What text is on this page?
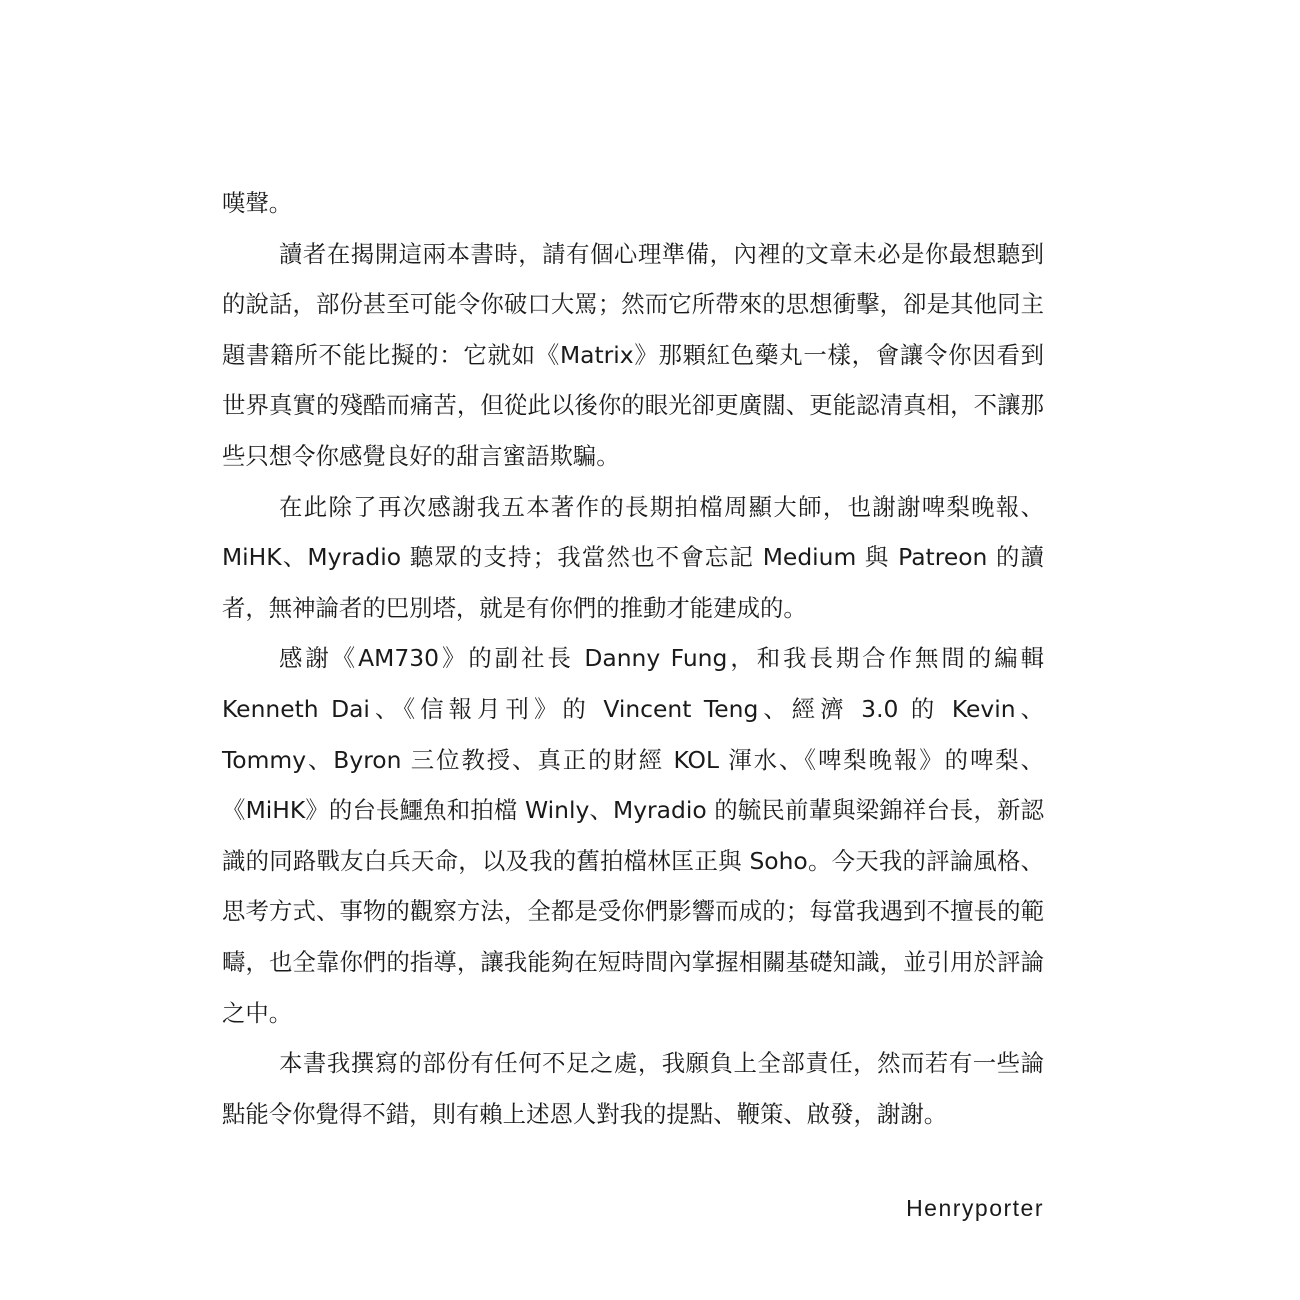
嘆聲。

讀者在揭開這兩本書時，請有個心理準備，內裡的文章未必是你最想聽到的說話，部份甚至可能令你破口大罵；然而它所帶來的思想衝擊，卻是其他同主題書籍所不能比擬的：它就如《Matrix》那顆紅色藥丸一樣，會讓令你因看到世界真實的殘酷而痛苦，但從此以後你的眼光卻更廣闊、更能認清真相，不讓那些只想令你感覺良好的甜言蜜語欺騙。

在此除了再次感謝我五本著作的長期拍檔周顯大師，也謝謝啤梨晚報、MiHK、Myradio 聽眾的支持；我當然也不會忘記 Medium 與 Patreon 的讀者，無神論者的巴別塔，就是有你們的推動才能建成的。

感謝《AM730》的副社長 Danny Fung，和我長期合作無間的編輯 Kenneth Dai、《信報月刊》的 Vincent Teng、經濟 3.0 的 Kevin、Tommy、Byron 三位教授、真正的財經 KOL 渾水、《啤梨晚報》的啤梨、《MiHK》的台長鱷魚和拍檔 Winly、Myradio 的毓民前輩與梁錦祥台長，新認識的同路戰友白兵天命，以及我的舊拍檔林匡正與 Soho。今天我的評論風格、思考方式、事物的觀察方法，全都是受你們影響而成的；每當我遇到不擅長的範疇，也全靠你們的指導，讓我能夠在短時間內掌握相關基礎知識，並引用於評論之中。

本書我撰寫的部份有任何不足之處，我願負上全部責任，然而若有一些論點能令你覺得不錯，則有賴上述恩人對我的提點、鞭策、啟發，謝謝。

Henryporter
